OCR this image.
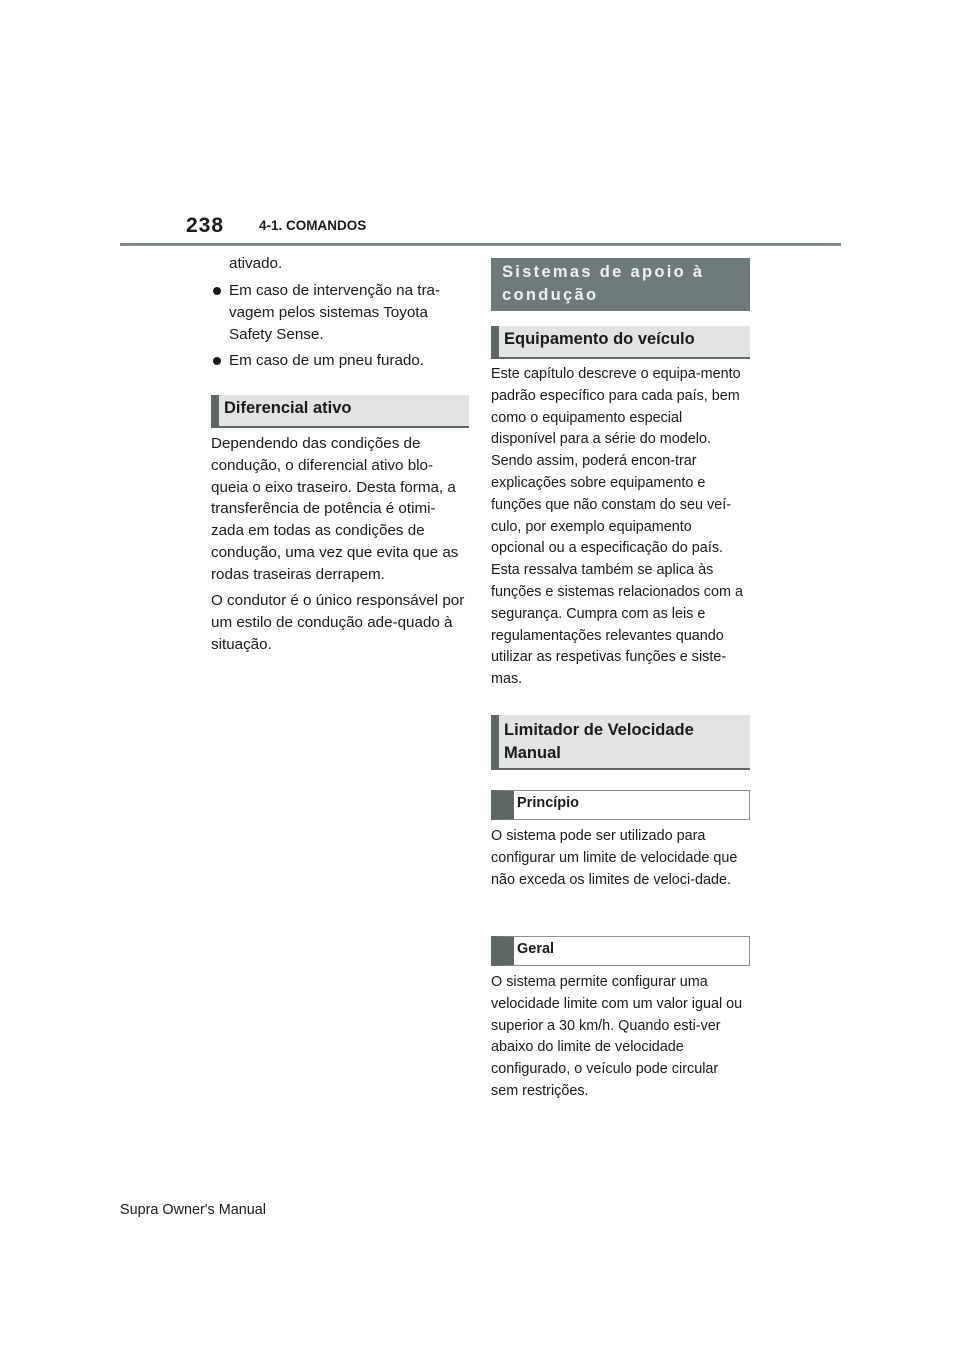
238	4-1. COMANDOS

ativado.

Em caso de intervenção na tra-vagem pelos sistemas Toyota Safety Sense.

Em caso de um pneu furado.

Diferencial ativo

Dependendo das condições de condução, o diferencial ativo blo-queia o eixo traseiro. Desta forma, a transferência de potência é otimi-zada em todas as condições de condução, uma vez que evita que as rodas traseiras derrapem.

O condutor é o único responsável por um estilo de condução ade-quado à situação.

Sistemas de apoio à condução
Equipamento do veículo

Este capítulo descreve o equipa-mento padrão específico para cada país, bem como o equipamento especial disponível para a série do modelo. Sendo assim, poderá encon-trar explicações sobre equipamento e funções que não constam do seu veí-culo, por exemplo equipamento opcional ou a especificação do país. Esta ressalva também se aplica às funções e sistemas relacionados com a segurança. Cumpra com as leis e regulamentações relevantes quando utilizar as respetivas funções e siste-mas.

Limitador de Velocidade Manual
Princípio

O sistema pode ser utilizado para configurar um limite de velocidade que não exceda os limites de veloci-dade.

Geral

O sistema permite configurar uma velocidade limite com um valor igual ou superior a 30 km/h. Quando esti-ver abaixo do limite de velocidade configurado, o veículo pode circular sem restrições.

Supra Owner's Manual
